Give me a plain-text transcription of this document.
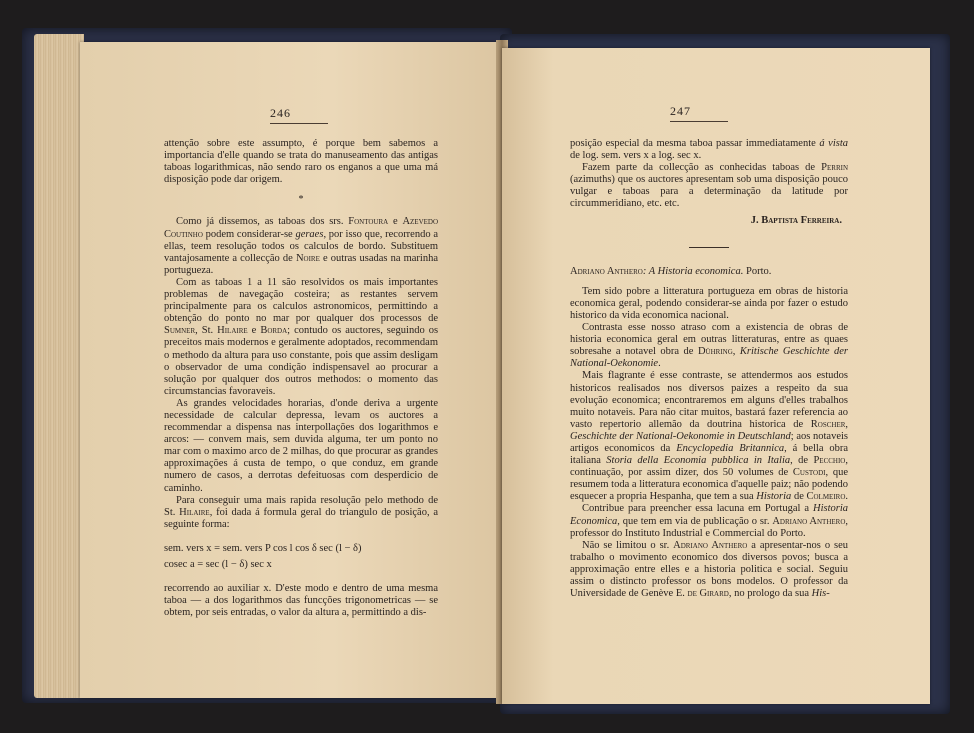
246

attenção sobre este assumpto, é porque bem sabemos a importancia d'elle quando se trata do manuseamento das antigas taboas logarithmicas, não sendo raro os enganos a que uma má disposição pode dar origem.

*

Como já dissemos, as taboas dos srs. Fontoura e Azevedo Coutinho podem considerar-se geraes, por isso que, recorrendo a ellas, teem resolução todos os calculos de bordo. Substituem vantajosamente a collecção de Noire e outras usadas na marinha portugueza.

Com as taboas 1 a 11 são resolvidos os mais importantes problemas de navegação costeira; as restantes servem principalmente para os calculos astronomicos, permittindo a obtenção do ponto no mar por qualquer dos processos de Sumner, St. Hilaire e Borda; contudo os auctores, seguindo os preceitos mais modernos e geralmente adoptados, recommendam o methodo da altura para uso constante, pois que assim desligam o observador de uma condição indispensavel ao procurar a solução por qualquer dos outros methodos: o momento das circumstancias favoraveis.

As grandes velocidades horarias, d'onde deriva a urgente necessidade de calcular depressa, levam os auctores a recommendar a dispensa nas interpollações dos logarithmos e arcos: — convem mais, sem duvida alguma, ter um ponto no mar com o maximo arco de 2 milhas, do que procurar as grandes approximações á custa de tempo, o que conduz, em grande numero de casos, a derrotas defeituosas com desperdicio de caminho.

Para conseguir uma mais rapida resolução pelo methodo de St. Hilaire, foi dada á formula geral do triangulo de posição, a seguinte forma:

sem. vers x = sem. vers P cos l cos δ sec (l − δ)

cosec a = sec (l − δ) sec x

recorrendo ao auxiliar x. D'este modo e dentro de uma mesma taboa — a dos logarithmos das funcções trigonometricas — se obtem, por seis entradas, o valor da altura a, permittindo a dis-

247

posição especial da mesma taboa passar immediatamente á vista de log. sem. vers x a log. sec x.

Fazem parte da collecção as conhecidas taboas de Perrin (azimuths) que os auctores apresentam sob uma disposição pouco vulgar e taboas para a determinação da latitude por circummeridiano, etc. etc.

J. Baptista Ferreira.

Adriano Anthero: A Historia economica. Porto.

Tem sido pobre a litteratura portugueza em obras de historia economica geral, podendo considerar-se ainda por fazer o estudo historico da vida economica nacional.

Contrasta esse nosso atraso com a existencia de obras de historia economica geral em outras litteraturas, entre as quaes sobresahe a notavel obra de Dühring, Kritische Geschichte der National-Oekonomie.

Mais flagrante é esse contraste, se attendermos aos estudos historicos realisados nos diversos paizes a respeito da sua evolução economica; encontraremos em alguns d'elles trabalhos muito notaveis. Para não citar muitos, bastará fazer referencia ao vasto repertorio allemão da doutrina historica de Roscher, Geschichte der National-Oekonomie in Deutschland; aos notaveis artigos economicos da Encyclopedia Britannica, á bella obra italiana Storia della Economia pubblica in Italia, de Pecchio, continuação, por assim dizer, dos 50 volumes de Custodi, que resumem toda a litteratura economica d'aquelle paiz; não podendo esquecer a propria Hespanha, que tem a sua Historia de Colmeiro.

Contribue para preencher essa lacuna em Portugal a Historia Economica, que tem em via de publicação o sr. Adriano Anthero, professor do Instituto Industrial e Commercial do Porto.

Não se limitou o sr. Adriano Anthero a apresentar-nos o seu trabalho o movimento economico dos diversos povos; busca a approximação entre elles e a historia politica e social. Seguiu assim o distincto professor os bons modelos. O professor da Universidade de Genève E. de Girard, no prologo da sua His-
